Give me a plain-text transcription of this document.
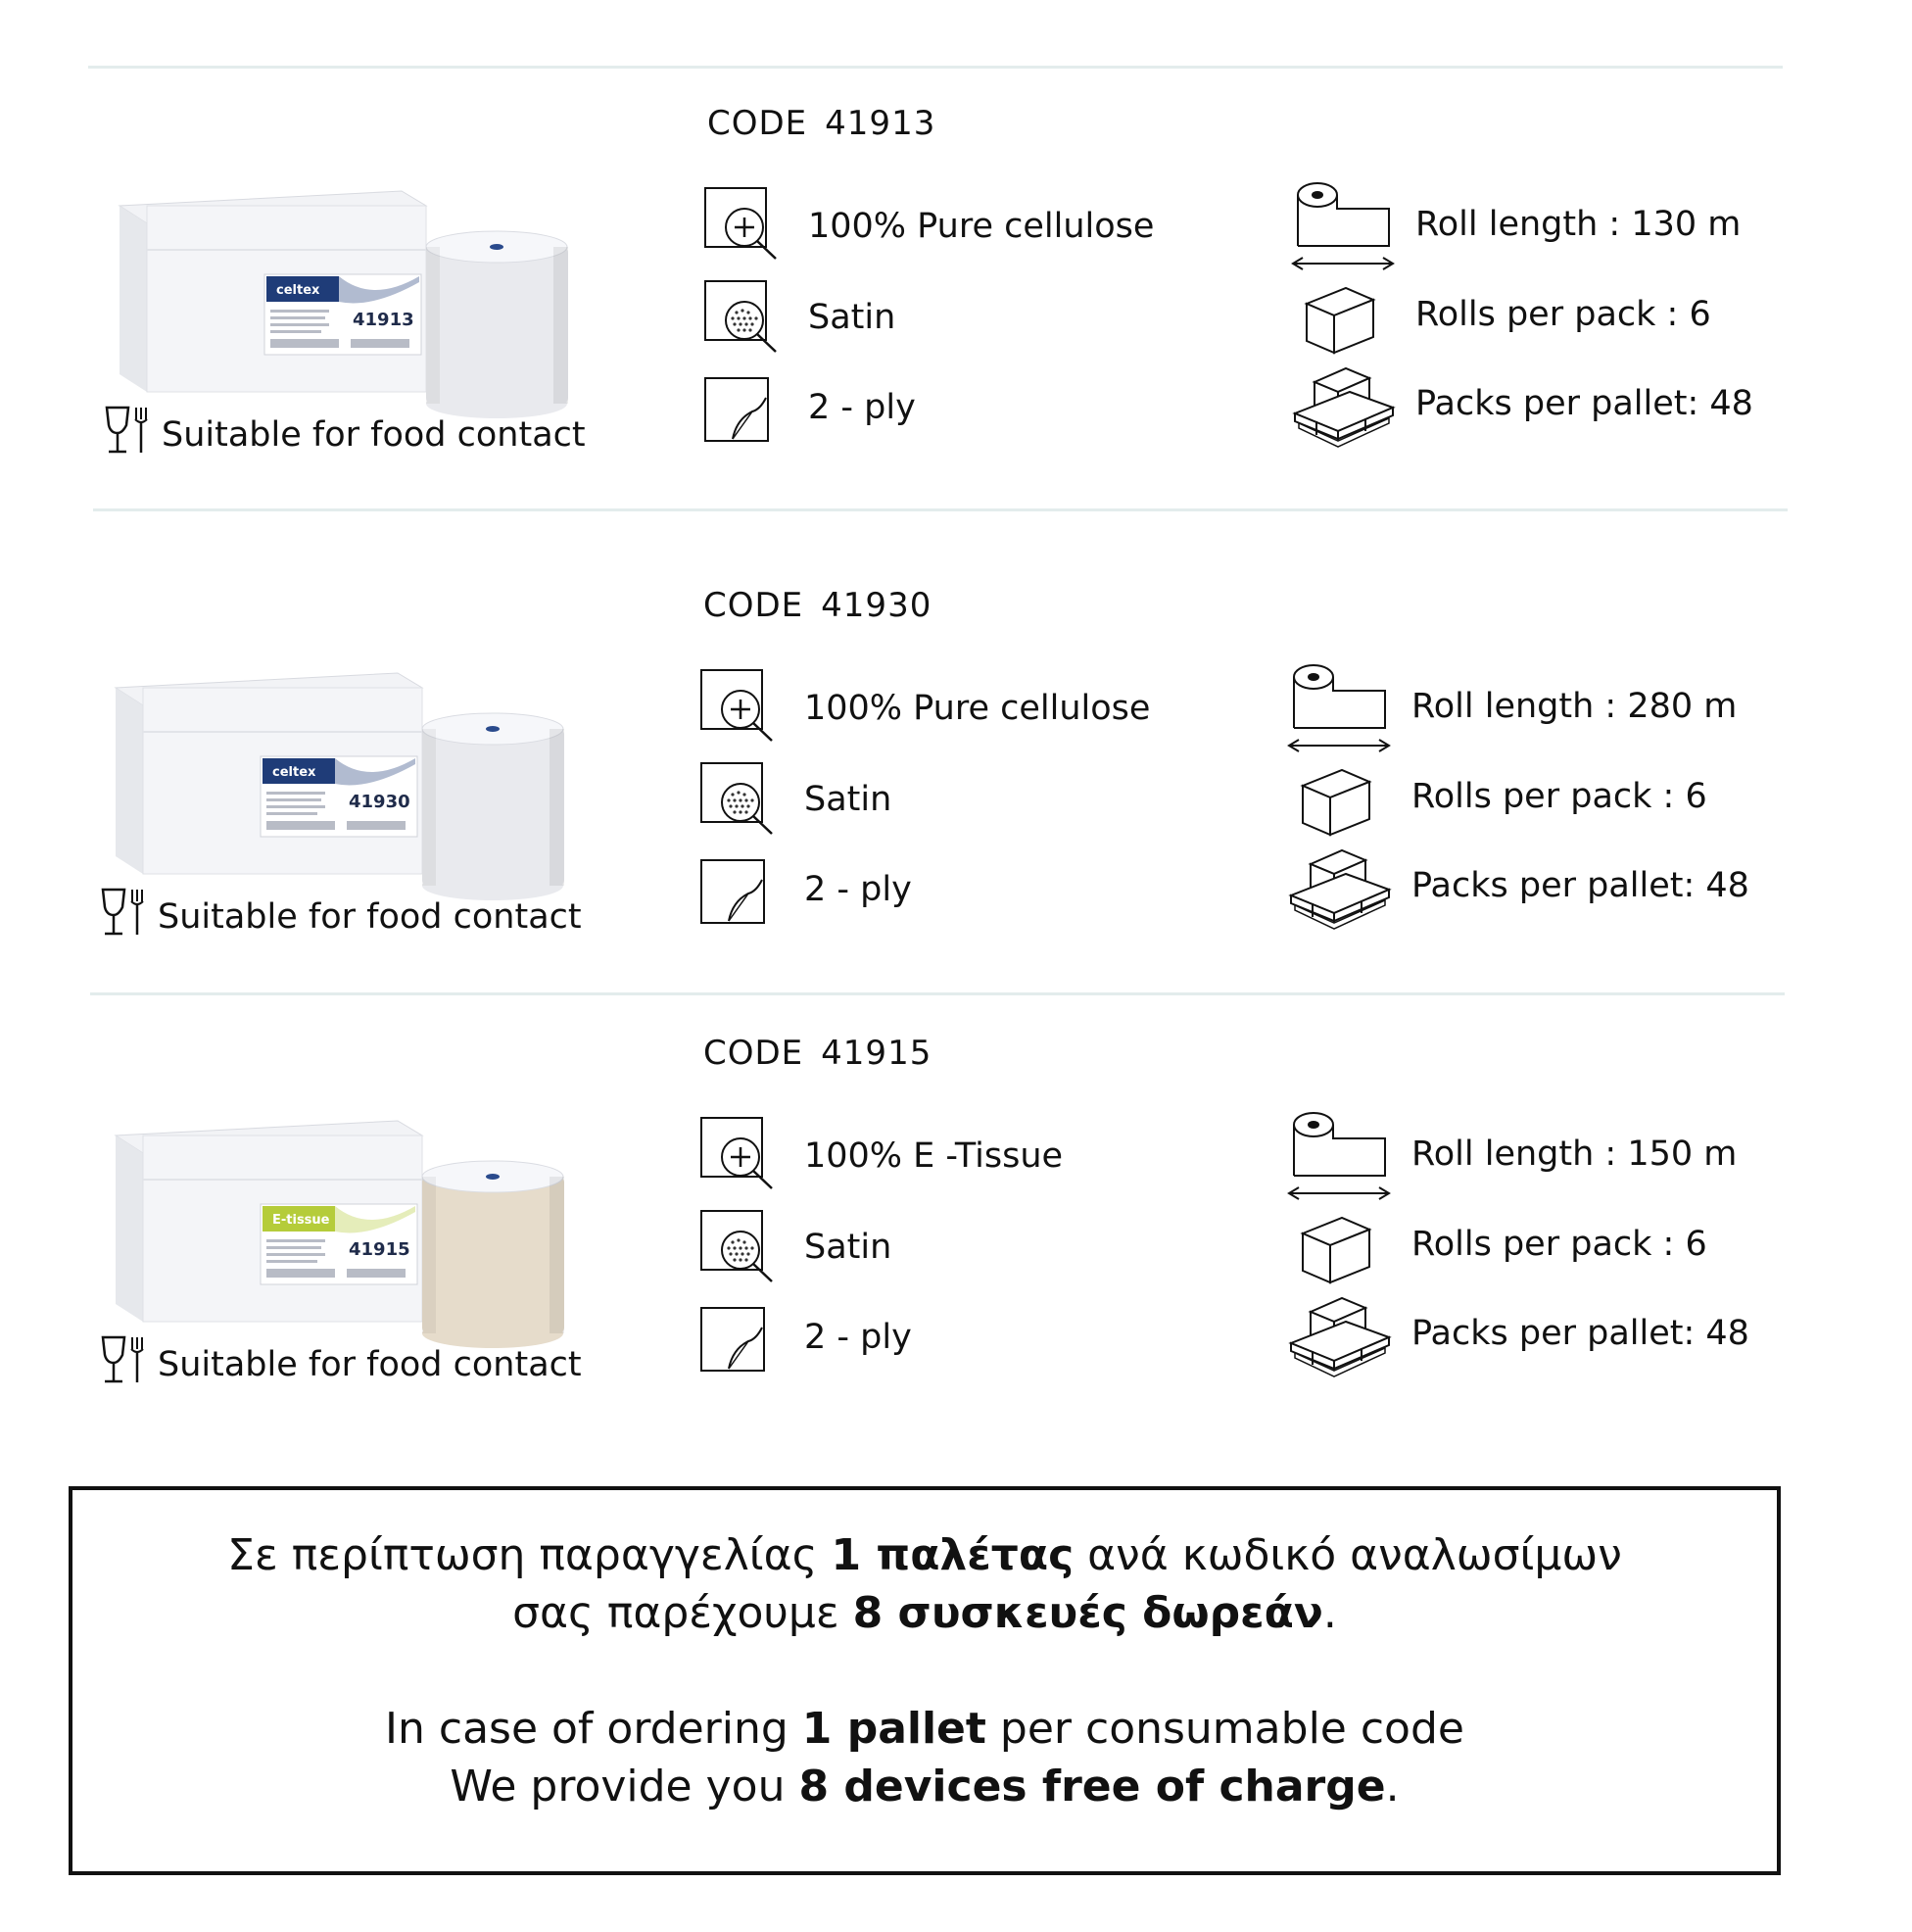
celtex
41913
Suitable for food contact
CODE 41913
100% Pure cellulose
Satin
2 - ply
Roll length : 130 m
Rolls per pack : 6
Packs per pallet: 48
celtex
41930
Suitable for food contact
CODE 41930
100% Pure cellulose
Satin
2 - ply
Roll length : 280 m
Rolls per pack : 6
Packs per pallet: 48
E-tissue
41915
Suitable for food contact
CODE 41915
100% E -Tissue
Satin
2 - ply
Roll length : 150 m
Rolls per pack : 6
Packs per pallet: 48

Σε περίπτωση παραγγελίας 1 παλέτας ανά κωδικό αναλωσίμων

σας παρέχουμε 8 συσκευές δωρεάν.

In case of ordering 1 pallet per consumable code

We provide you 8 devices free of charge.
